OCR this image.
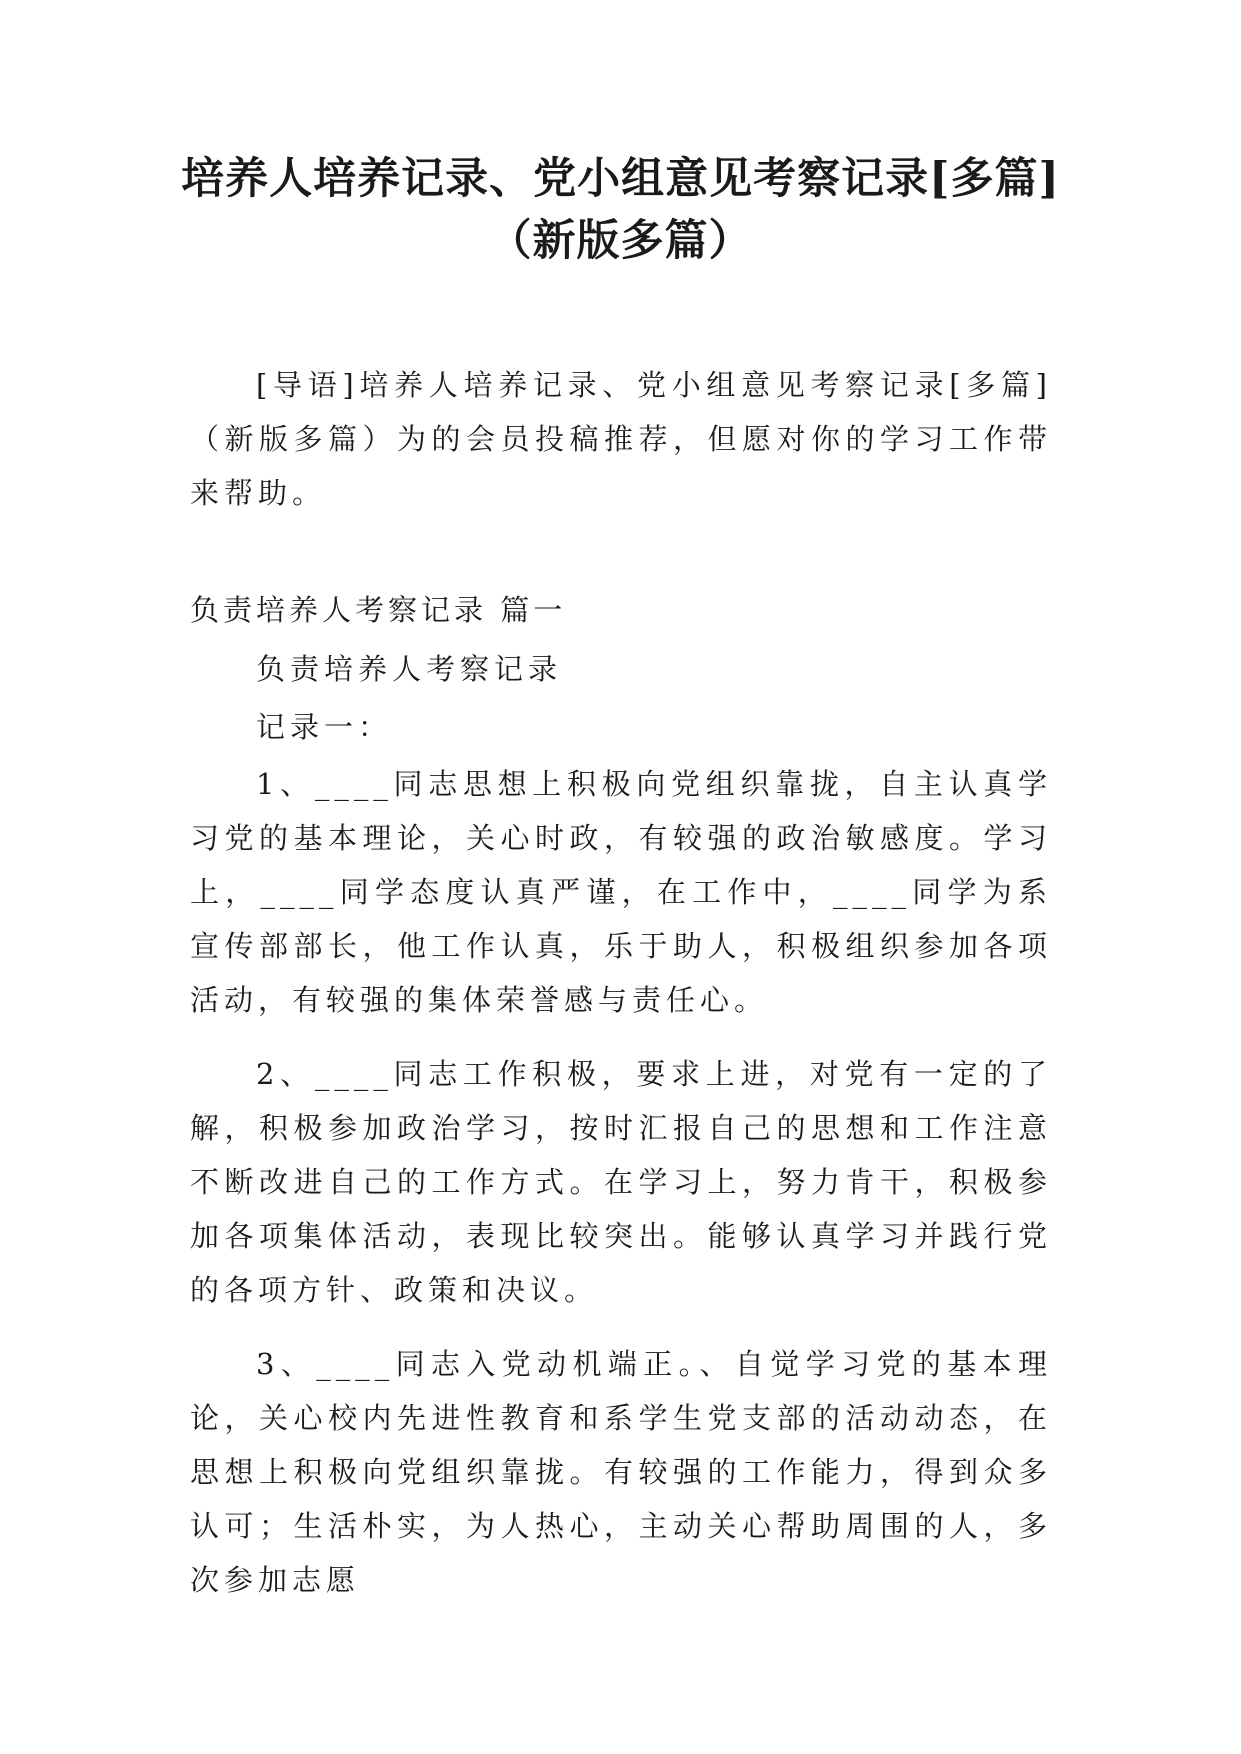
培养人培养记录、党小组意见考察记录[多篇]（新版多篇）

[导语]培养人培养记录、党小组意见考察记录[多篇]（新版多篇）为的会员投稿推荐，但愿对你的学习工作带来帮助。

负责培养人考察记录 篇一

负责培养人考察记录

记录一：

1、____同志思想上积极向党组织靠拢，自主认真学习党的基本理论，关心时政，有较强的政治敏感度。学习上，____同学态度认真严谨，在工作中，____同学为系宣传部部长，他工作认真，乐于助人，积极组织参加各项活动，有较强的集体荣誉感与责任心。

2、____同志工作积极，要求上进，对党有一定的了解，积极参加政治学习，按时汇报自己的思想和工作注意不断改进自己的工作方式。在学习上，努力肯干，积极参加各项集体活动，表现比较突出。能够认真学习并践行党的各项方针、政策和决议。

3、____同志入党动机端正。、自觉学习党的基本理论，关心校内先进性教育和系学生党支部的活动动态，在思想上积极向党组织靠拢。有较强的工作能力，得到众多认可；生活朴实，为人热心，主动关心帮助周围的人，多次参加志愿
